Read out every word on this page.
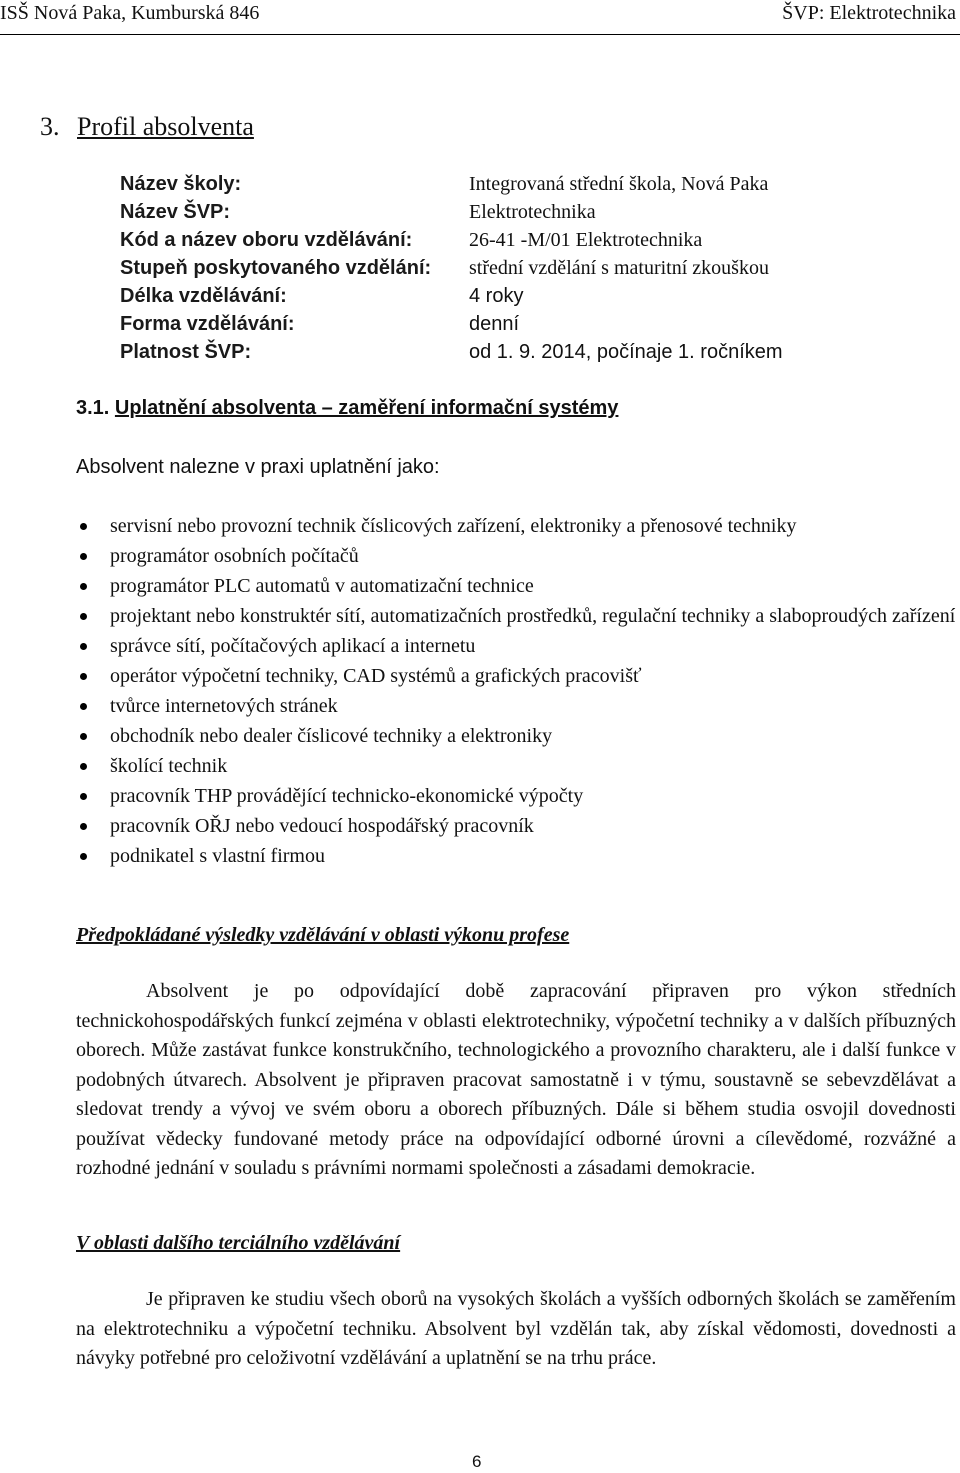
ISŠ Nová Paka, Kumburská 846	ŠVP: Elektrotechnika
3. Profil absolventa
Název školy:	Integrovaná střední škola, Nová Paka
Název ŠVP:	Elektrotechnika
Kód a název oboru vzdělávání:	26-41 -M/01 Elektrotechnika
Stupeň poskytovaného vzdělání: střední vzdělání s maturitní zkouškou
Délka vzdělávání:	4 roky
Forma vzdělávání:	denní
Platnost ŠVP:	od 1. 9. 2014, počínaje 1. ročníkem
3.1. Uplatnění absolventa – zaměření informační systémy
Absolvent nalezne v praxi uplatnění jako:
servisní nebo provozní technik číslicových zařízení, elektroniky a přenosové techniky
programátor osobních počítačů
programátor PLC automatů v automatizační technice
projektant nebo konstruktér sítí, automatizačních prostředků, regulační techniky a slaboproudých zařízení
správce sítí, počítačových aplikací a internetu
operátor výpočetní techniky, CAD systémů a grafických pracovišť
tvůrce internetových stránek
obchodník nebo dealer číslicové techniky a elektroniky
školící technik
pracovník THP provádějící technicko-ekonomické výpočty
pracovník OŘJ nebo vedoucí hospodářský pracovník
podnikatel s vlastní firmou
Předpokládané výsledky vzdělávání v oblasti výkonu profese

Absolvent je po odpovídající době zapracování připraven pro výkon středních technickohospodářských funkcí zejména v oblasti elektrotechniky, výpočetní techniky a v dalších příbuzných oborech. Může zastávat funkce konstrukčního, technologického a provozního charakteru, ale i další funkce v podobných útvarech. Absolvent je připraven pracovat samostatně i v týmu, soustavně se sebevzdělávat a sledovat trendy a vývoj ve svém oboru a oborech příbuzných. Dále si během studia osvojil dovednosti používat vědecky fundované metody práce na odpovídající odborné úrovni a cílevědomé, rozvážné a rozhodné jednání v souladu s právními normami společnosti a zásadami demokracie.

V oblasti dalšího terciálního vzdělávání

Je připraven ke studiu všech oborů na vysokých školách a vyšších odborných školách se zaměřením na elektrotechniku a výpočetní techniku. Absolvent byl vzdělán tak, aby získal vědomosti, dovednosti a návyky potřebné pro celoživotní vzdělávání a uplatnění se na trhu práce.

6
